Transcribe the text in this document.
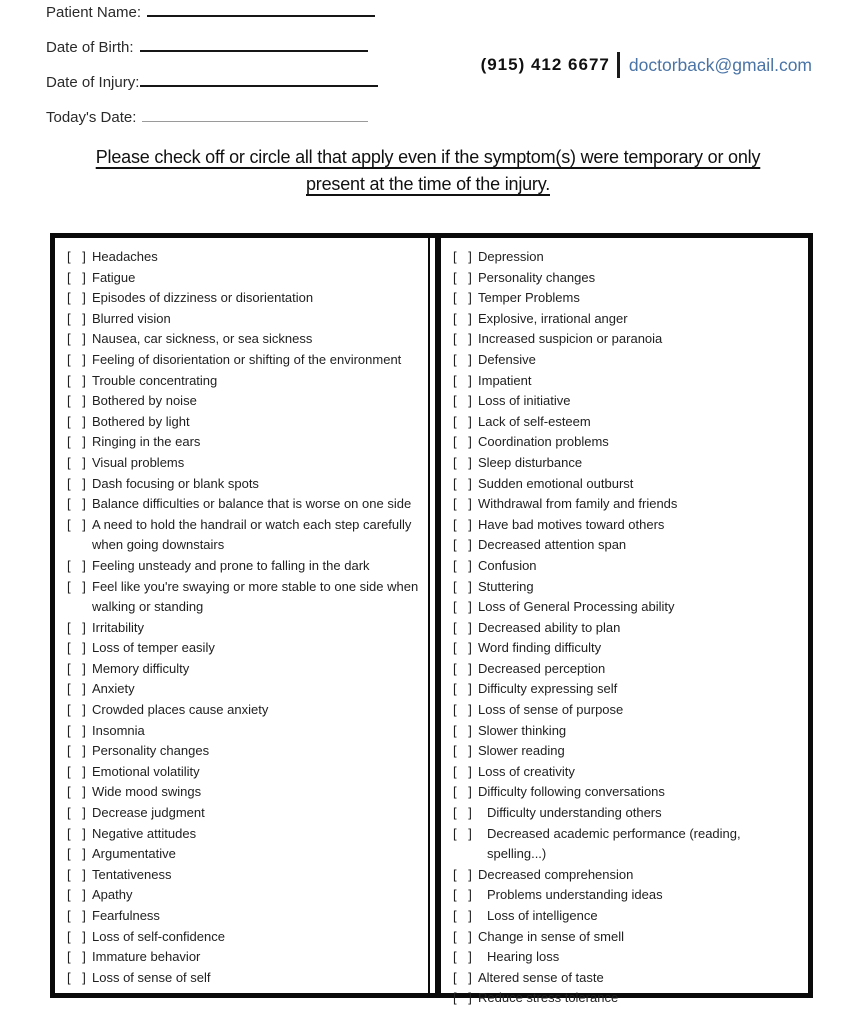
Patient Name:
Date of Birth:
Date of Injury:
Today's Date:
(915) 412 6677 doctorback@gmail.com
Please check off or circle all that apply even if the symptom(s) were temporary or only
present at the time of the injury.
[ ] Headaches
[ ] Fatigue
[ ] Episodes of dizziness or disorientation
[ ] Blurred vision
[ ] Nausea, car sickness, or sea sickness
[ ] Feeling of disorientation or shifting of the environment
[ ] Trouble concentrating
[ ] Bothered by noise
[ ] Bothered by light
[ ] Ringing in the ears
[ ] Visual problems
[ ] Dash focusing or blank spots
[ ] Balance difficulties or balance that is worse on one side
[ ] A need to hold the handrail or watch each step carefully when going downstairs
[ ] Feeling unsteady and prone to falling in the dark
[ ] Feel like you're swaying or more stable to one side when walking or standing
[ ] Irritability
[ ] Loss of temper easily
[ ] Memory difficulty
[ ] Anxiety
[ ] Crowded places cause anxiety
[ ] Insomnia
[ ] Personality changes
[ ] Emotional volatility
[ ] Wide mood swings
[ ] Decrease judgment
[ ] Negative attitudes
[ ] Argumentative
[ ] Tentativeness
[ ] Apathy
[ ] Fearfulness
[ ] Loss of self-confidence
[ ] Immature behavior
[ ] Loss of sense of self
[ ] Depression
[ ] Personality changes
[ ] Temper Problems
[ ] Explosive, irrational anger
[ ] Increased suspicion or paranoia
[ ] Defensive
[ ] Impatient
[ ] Loss of initiative
[ ] Lack of self-esteem
[ ] Coordination problems
[ ] Sleep disturbance
[ ] Sudden emotional outburst
[ ] Withdrawal from family and friends
[ ] Have bad motives toward others
[ ] Decreased attention span
[ ] Confusion
[ ] Stuttering
[ ] Loss of General Processing ability
[ ] Decreased ability to plan
[ ] Word finding difficulty
[ ] Decreased perception
[ ] Difficulty expressing self
[ ] Loss of sense of purpose
[ ] Slower thinking
[ ] Slower reading
[ ] Loss of creativity
[ ] Difficulty following conversations
[ ] Difficulty understanding others
[ ] Decreased academic performance (reading, spelling...)
[ ] Decreased comprehension
[ ] Problems understanding ideas
[ ] Loss of intelligence
[ ] Change in sense of smell
[ ] Hearing loss
[ ] Altered sense of taste
[ ] Reduce stress tolerance
